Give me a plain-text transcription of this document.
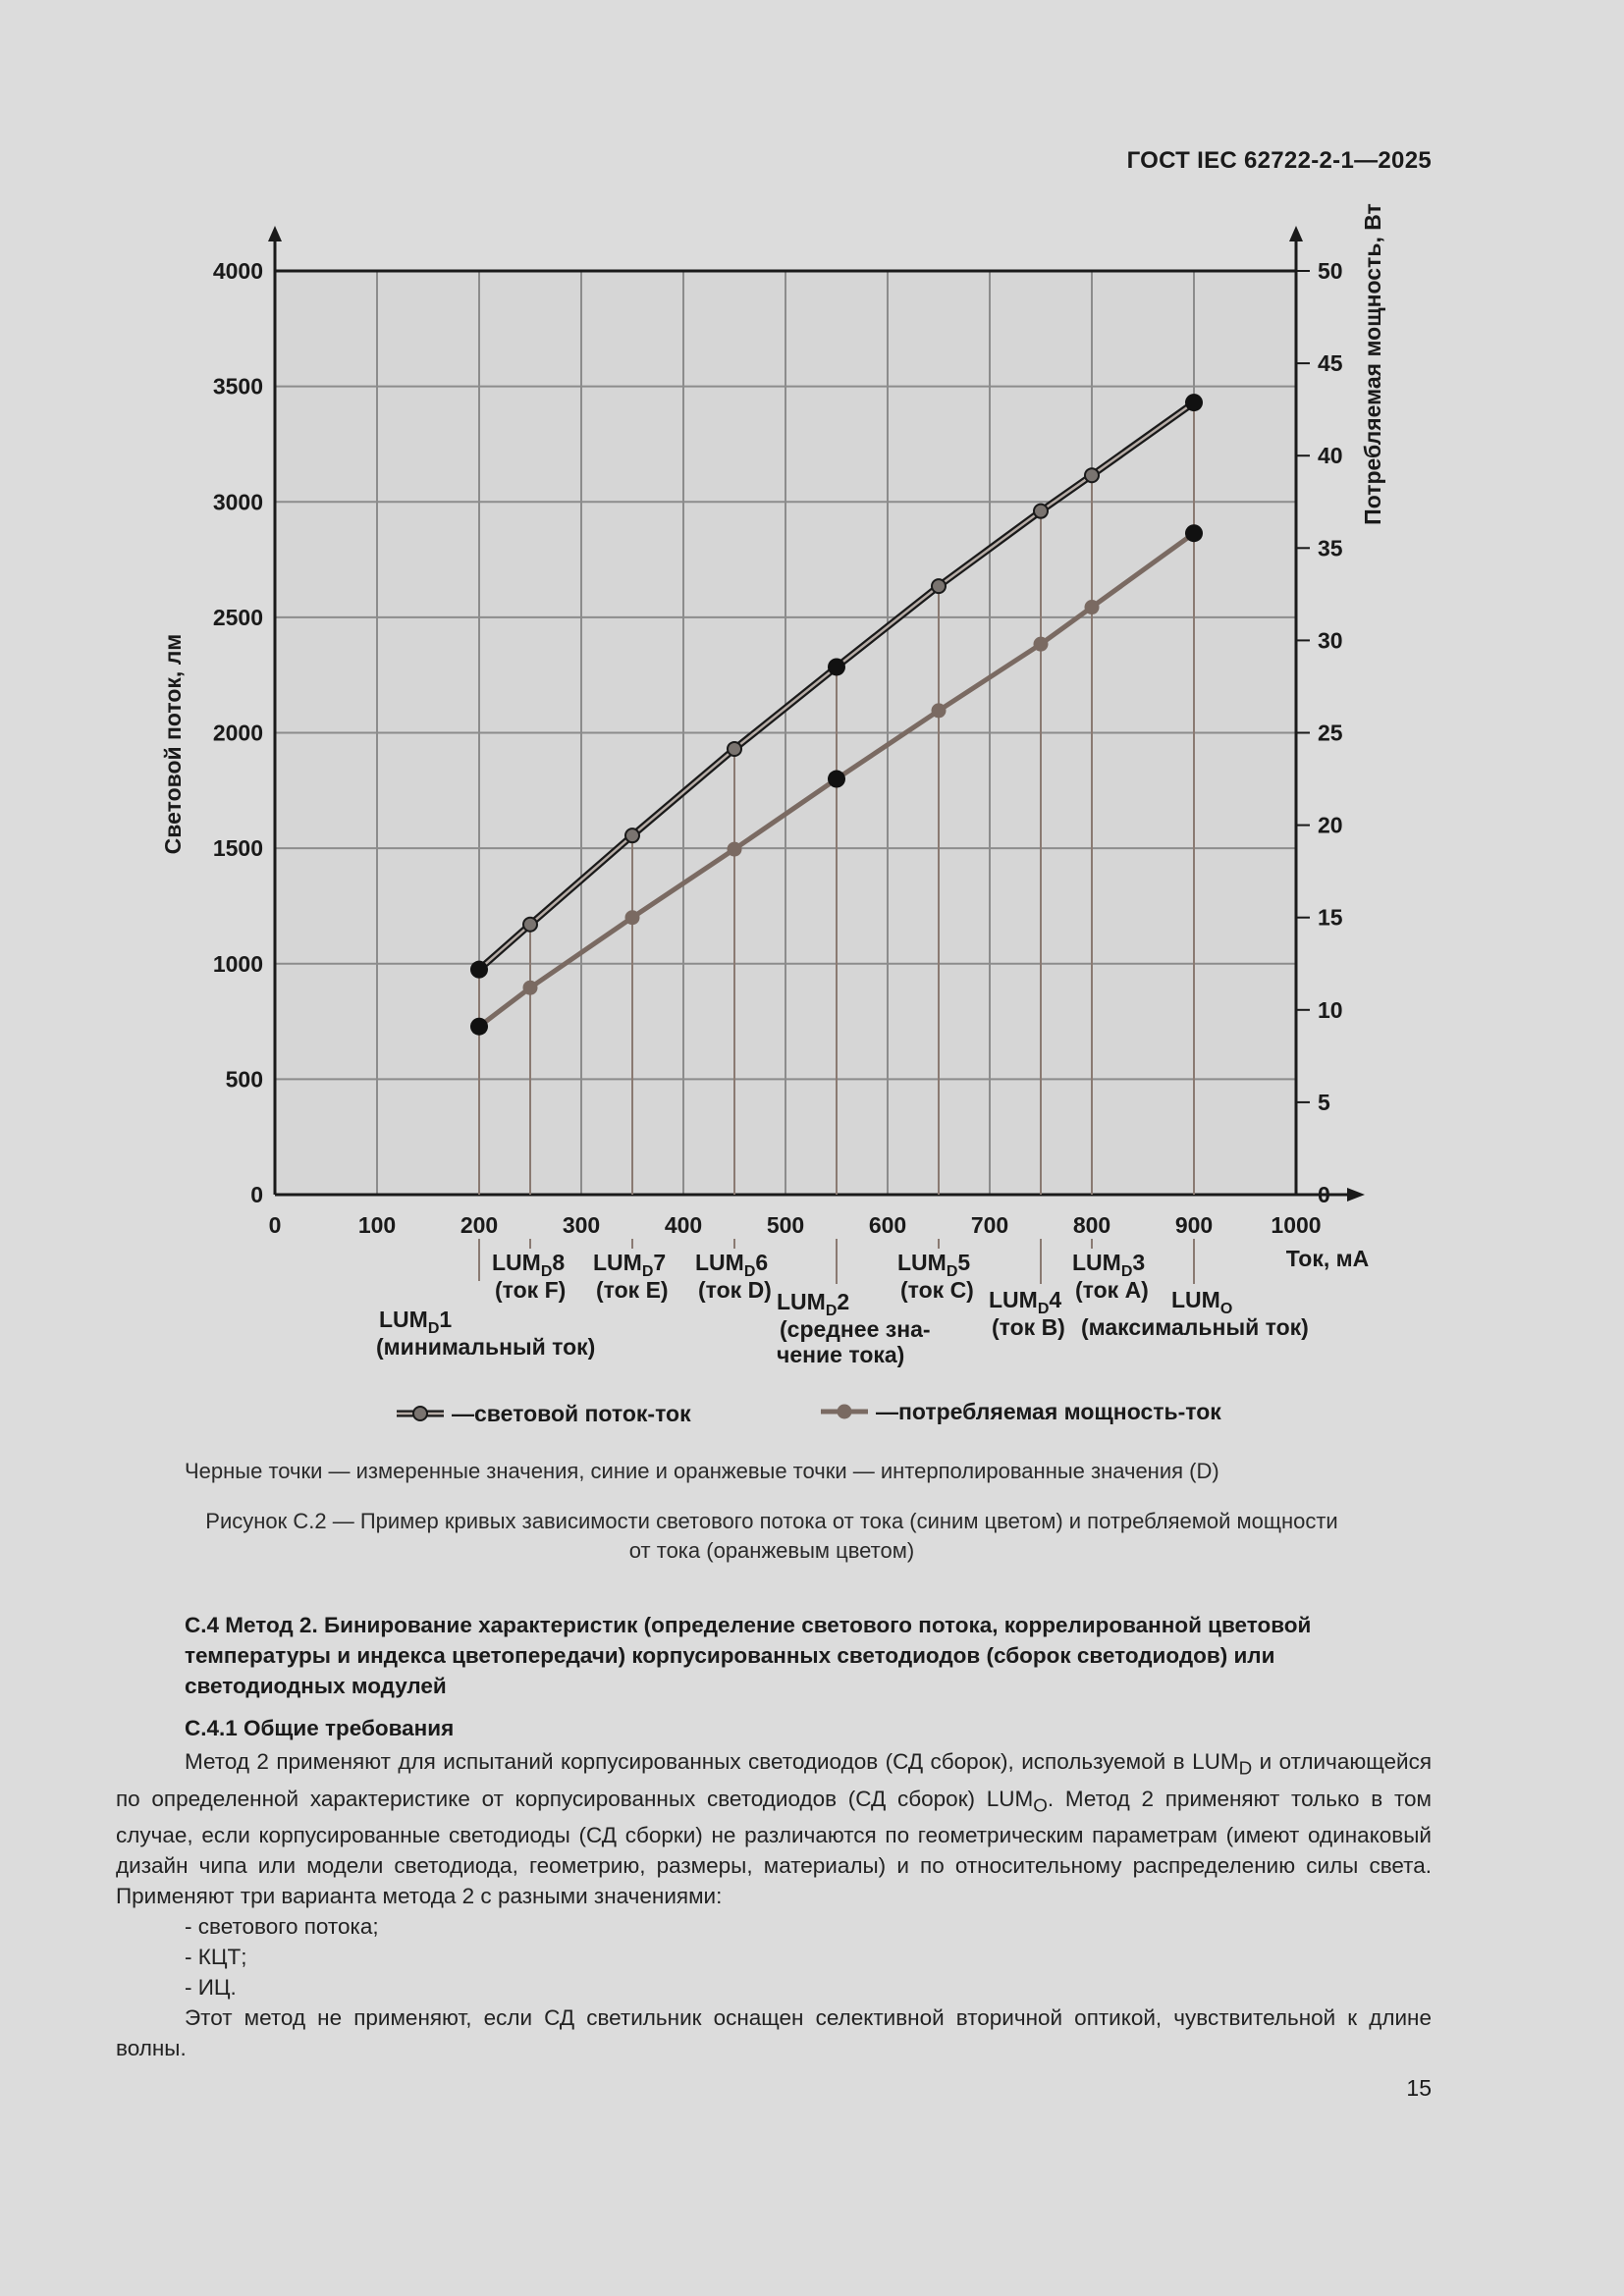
ГОСТ IEC 62722-2-1—2025
0	100	200	300	400	500	600	700	800	900	1000
0
500
1000
1500
2000
2500
3000
3500
4000
0
5
10
15
20
25
30
35
40
45
50
Световой поток, лм
Потребляемая мощность, Вт
Ток, мА
$LUM_D1$
(минимальный ток)
$LUM_D8$
(ток F)
$LUM_D7$
(ток E)
$LUM_D6$
(ток D) $LUM_D2$
(среднее зна-
чение тока)
$LUM_D5$
(ток C) $LUM_D4$
(ток B)
$LUM_D3$
(ток A) $LUM_O$
(максимальный ток)
—световой поток-ток	—потребляемая мощность-ток
Черные точки — измеренные значения, синие и оранжевые точки — интерполированные значения (D)
Рисунок С.2 — Пример кривых зависимости светового потока от тока (синим цветом) и потребляемой мощности
от тока (оранжевым цветом)
С.4 Метод 2. Бинирование характеристик (определение светового потока, коррелированной цветовой температуры и индекса цветопередачи) корпусированных светодиодов (сборок светодиодов) или светодиодных модулей
С.4.1 Общие требования

Метод 2 применяют для испытаний корпусированных светодиодов (СД сборок), используемой в $LUM_D$ и отличающейся по определенной характеристике от корпусированных светодиодов (СД сборок) $LUM_O$. Метод 2 применяют только в том случае, если корпусированные светодиоды (СД сборки) не различаются по геометрическим параметрам (имеют одинаковый дизайн чипа или модели светодиода, геометрию, размеры, материалы) и по относительному распределению силы света. Применяют три варианта метода 2 с разными значениями:

- светового потока;
- КЦТ;
- ИЦ.

Этот метод не применяют, если СД светильник оснащен селективной вторичной оптикой, чувствительной к длине волны.

15
